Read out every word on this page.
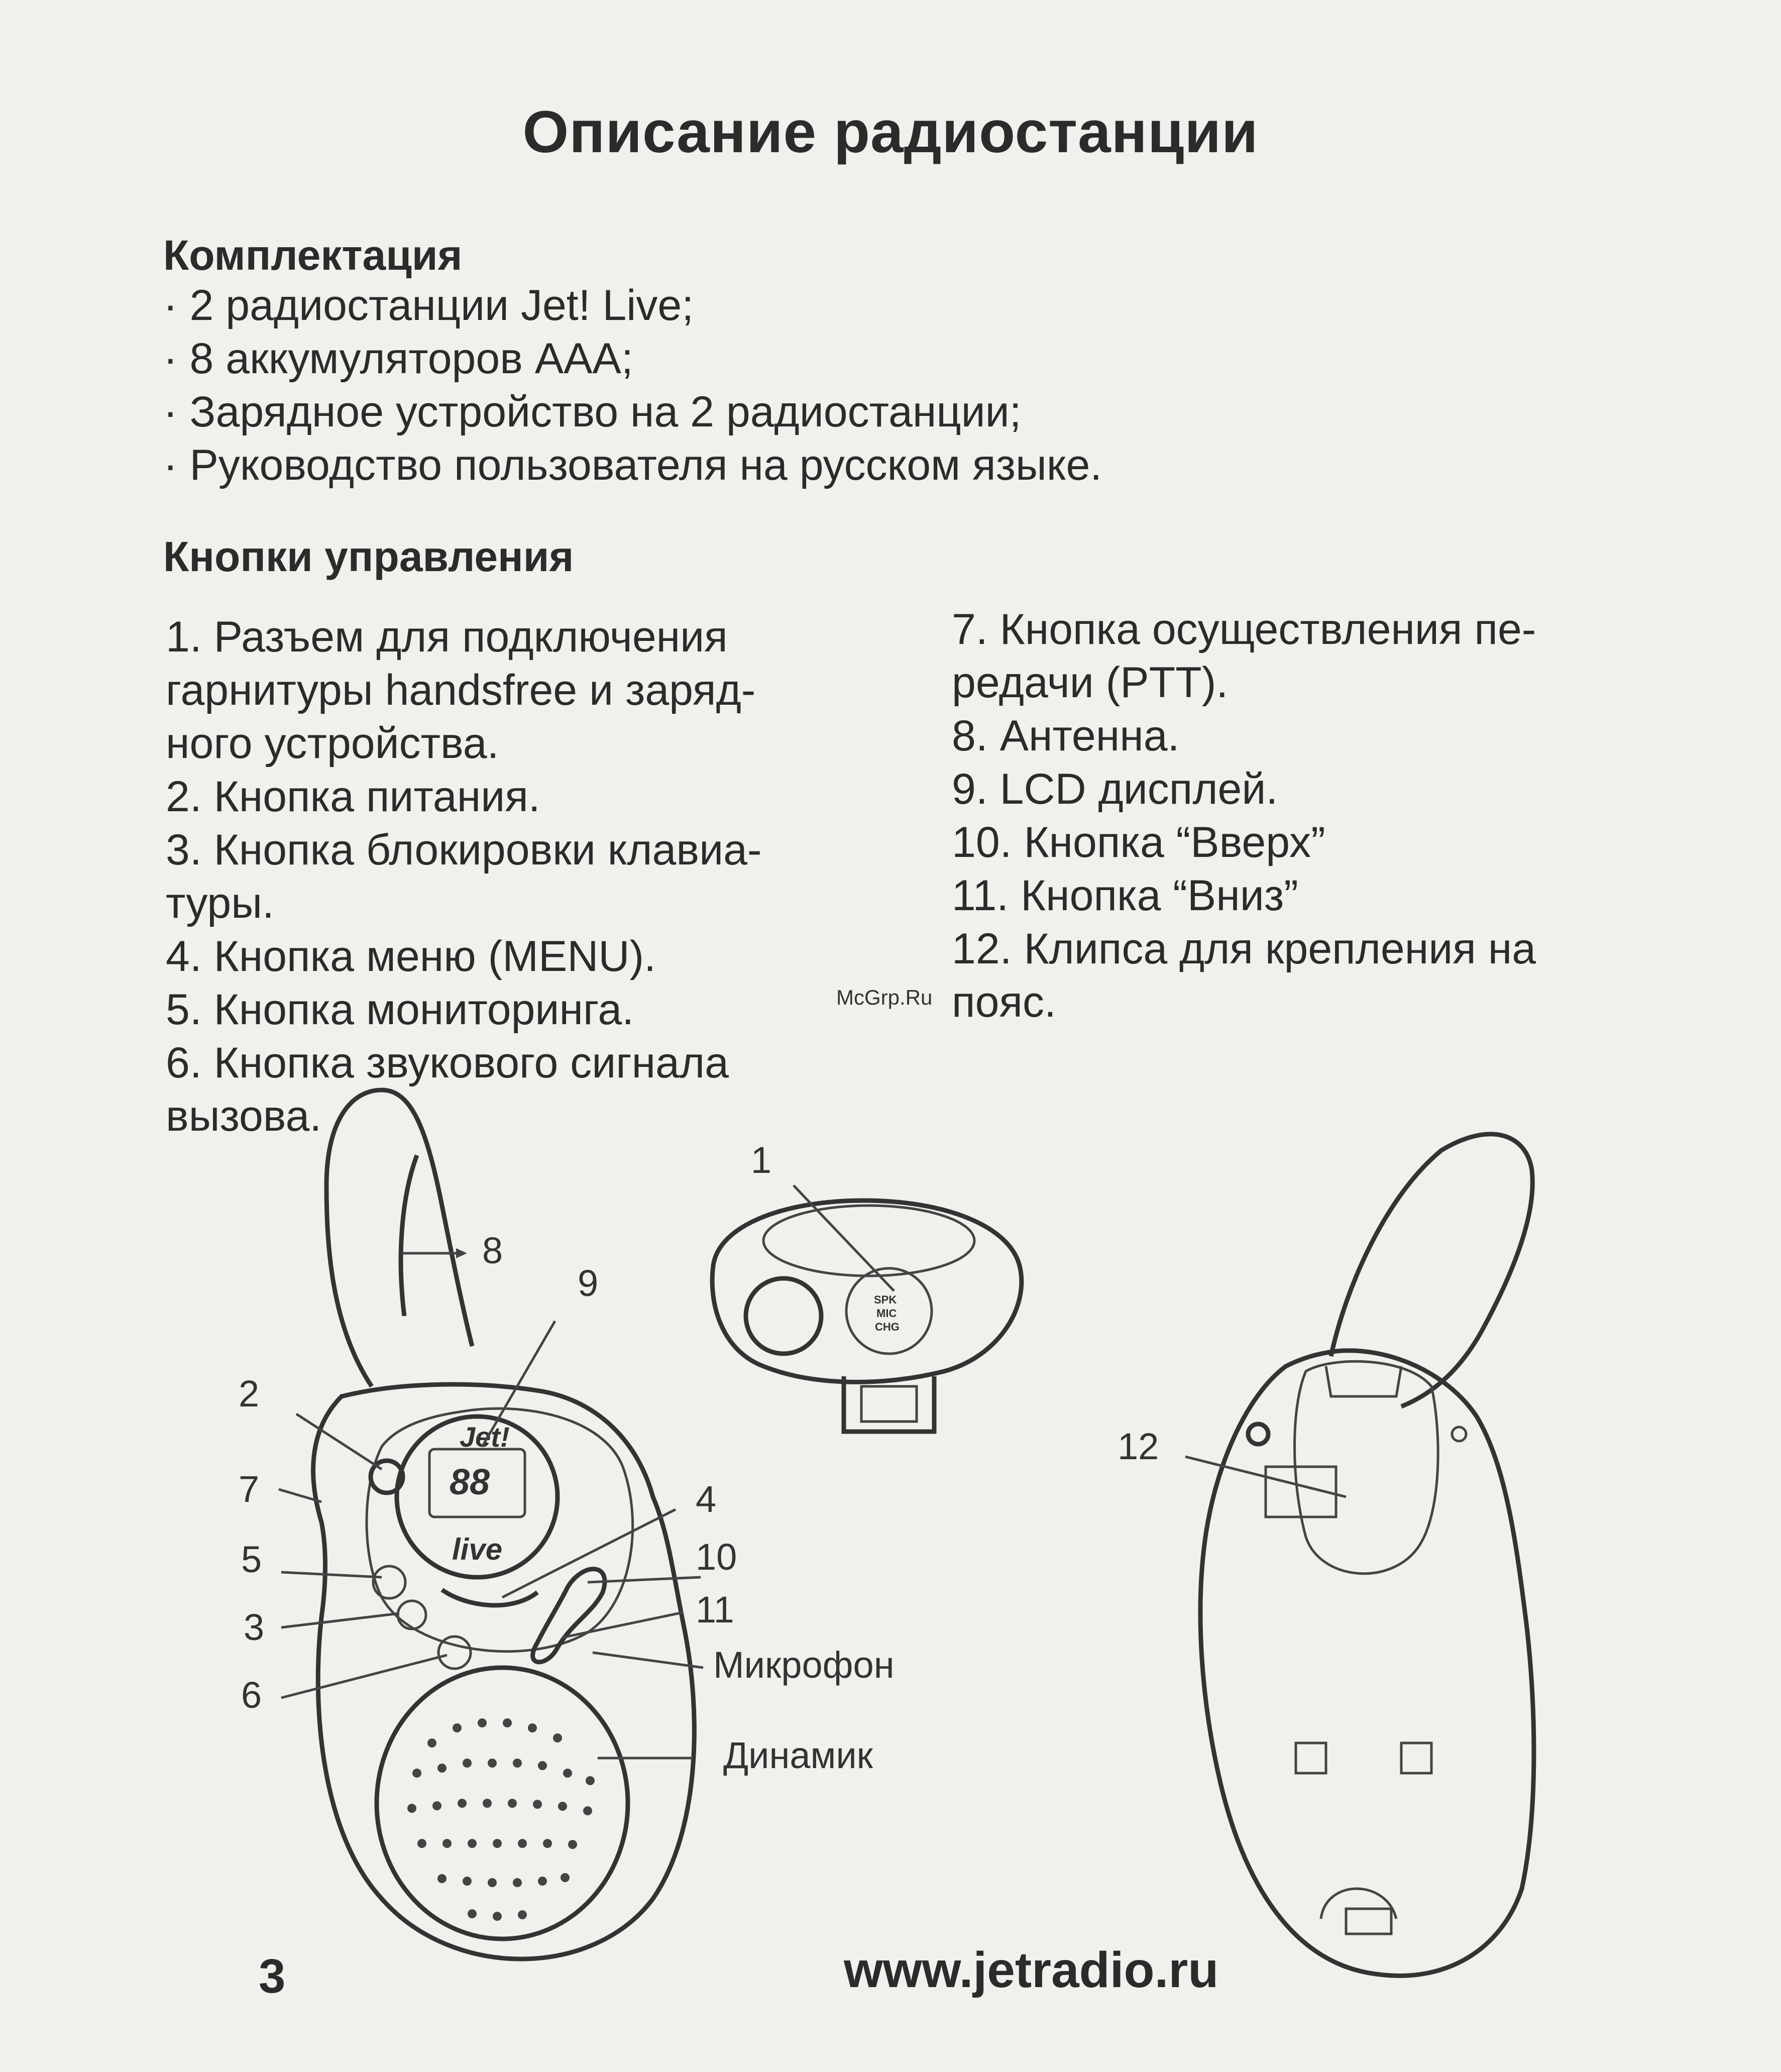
Описание радиостанции
Комплектация
· 2 радиостанции Jet! Live;
· 8 аккумуляторов ААА;
· Зарядное устройство на 2 радиостанции;
· Руководство пользователя на русском языке.
Кнопки управления
1. Разъем для подключения
гарнитуры handsfree и заряд-
ного устройства.
2. Кнопка питания.
3. Кнопка блокировки клавиа-
туры.
4. Кнопка меню (MENU).
5. Кнопка мониторинга.
6. Кнопка звукового сигнала
вызова.
7. Кнопка осуществления пе-
редачи (PTT).
8. Антенна.
9. LCD дисплей.
10. Кнопка “Вверх”
11. Кнопка “Вниз”
12. Клипса для крепления на
пояс.
McGrp.Ru
88
Jet!
live
SPK
MIC
CHG
1
2
3
4
5
6
7
8
9
10
11
12
Микрофон
Динамик
3	www.jetradio.ru
